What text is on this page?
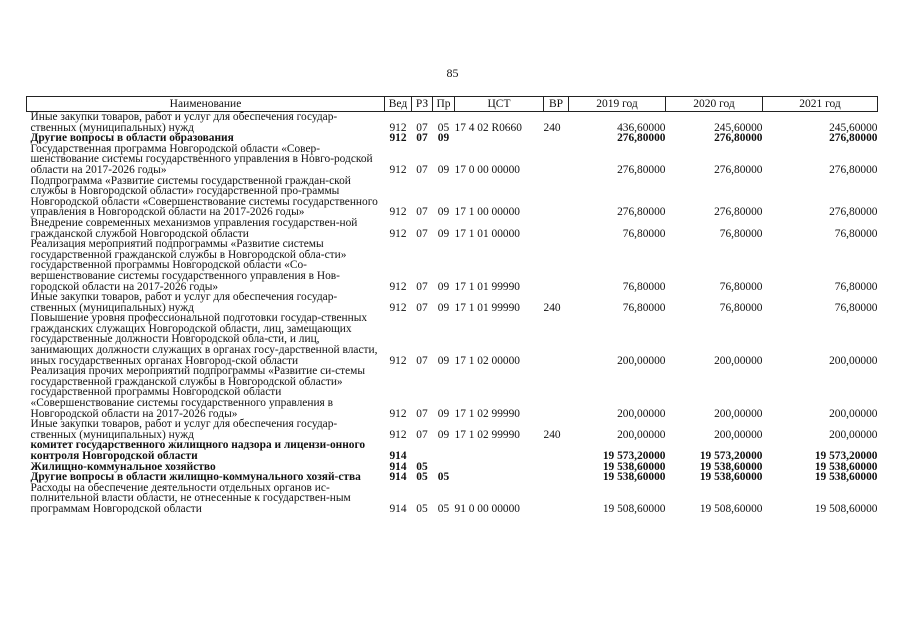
85
Наименование	Вед	РЗ	Пр	ЦСТ	ВР	2019 год	2020 год	2021 год
Иные закупки товаров, работ и услуг для обеспечения государ-ственных (муниципальных) нужд	912	07	05	17 4 02 R0660	240	436,60000	245,60000	245,60000
Другие вопросы в области образования	912	07	09			276,80000	276,80000	276,80000
Государственная программа Новгородской области «Совер-шенствование системы государственного управления в Новго-родской области на 2017-2026 годы»	912	07	09	17 0 00 00000		276,80000	276,80000	276,80000
Подпрограмма «Развитие системы государственной граждан-ской службы в Новгородской области» государственной про-граммы Новгородской области «Совершенствование системы государственного управления в Новгородской области на 2017-2026 годы»	912	07	09	17 1 00 00000		276,80000	276,80000	276,80000
Внедрение современных механизмов управления государствен-ной гражданской службой Новгородской области	912	07	09	17 1 01 00000		76,80000	76,80000	76,80000
Реализация мероприятий подпрограммы «Развитие системы государственной гражданской службы в Новгородской обла-сти» государственной программы Новгородской области «Со-вершенствование системы государственного управления в Нов-городской области на 2017-2026 годы»	912	07	09	17 1 01 99990		76,80000	76,80000	76,80000
Иные закупки товаров, работ и услуг для обеспечения государ-ственных (муниципальных) нужд	912	07	09	17 1 01 99990	240	76,80000	76,80000	76,80000
Повышение уровня профессиональной подготовки государ-ственных гражданских служащих Новгородской области, лиц, замещающих государственные должности Новгородской обла-сти, и лиц, занимающих должности служащих в органах госу-дарственной власти, иных государственных органах Новгород-ской области	912	07	09	17 1 02 00000		200,00000	200,00000	200,00000
Реализация прочих мероприятий подпрограммы «Развитие си-стемы государственной гражданской службы в Новгородской области» государственной программы Новгородской области «Совершенствование системы государственного управления в Новгородской области на 2017-2026 годы»	912	07	09	17 1 02 99990		200,00000	200,00000	200,00000
Иные закупки товаров, работ и услуг для обеспечения государ-ственных (муниципальных) нужд	912	07	09	17 1 02 99990	240	200,00000	200,00000	200,00000
комитет государственного жилищного надзора и лицензи-онного контроля Новгородской области	914					19 573,20000	19 573,20000	19 573,20000
Жилищно-коммунальное хозяйство	914	05				19 538,60000	19 538,60000	19 538,60000
Другие вопросы в области жилищно-коммунального хозяй-ства	914	05	05			19 538,60000	19 538,60000	19 538,60000
Расходы на обеспечение деятельности отдельных органов ис-полнительной власти области, не отнесенные к государствен-ным программам Новгородской области	914	05	05	91 0 00 00000		19 508,60000	19 508,60000	19 508,60000
